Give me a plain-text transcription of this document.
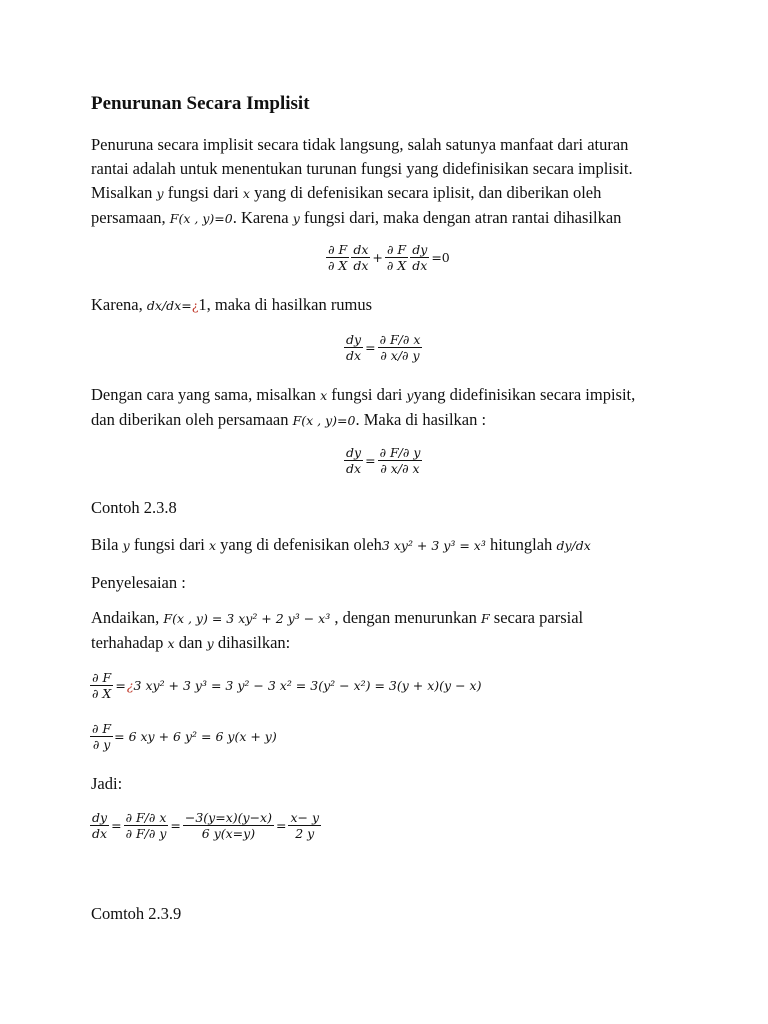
Penurunan Secara Implisit
Penuruna secara implisit secara tidak langsung, salah satunya manfaat dari aturan
rantai adalah untuk menentukan turunan fungsi yang didefinisikan secara implisit.
Misalkan y fungsi dari x yang di defenisikan secara iplisit, dan diberikan oleh
persamaan, F(x , y)=0. Karena y fungsi dari, maka dengan atran rantai dihasilkan
$\frac{\partial F}{\partial X} \frac{dx}{dx} + \frac{\partial F}{\partial X} \frac{dy}{dx} =0$
Karena, dx/dx=¿1, maka di hasilkan rumus
$\frac{dy}{dx} = \frac{\partial F/\partial x}{\partial x/\partial y}$
Dengan cara yang sama, misalkan x fungsi dari yyang didefinisikan secara impisit,
dan diberikan oleh persamaan F(x , y)=0. Maka di hasilkan :
$\frac{dy}{dx} = \frac{\partial F/\partial y}{\partial x/\partial x}$
Contoh 2.3.8
Bila y fungsi dari x yang di defenisikan oleh3 xy² + 3 y³ = x³ hitunglah dy/dx
Penyelesaian :
Andaikan, F(x , y) = 3 xy² + 2 y³ − x³ , dengan menurunkan F secara parsial
terhahadap x dan y dihasilkan:
$\frac{\partial F}{\partial X}$ = ¿ 3 xy² + 3 y³ = 3 y² − 3 x² = 3(y² − x²) = 3(y + x)(y − x)
$\frac{\partial F}{\partial y} = 6$ xy + 6 y² = 6 y(x + y)
Jadi:
$\frac{dy}{dx} = \frac{\partial F/\partial x}{\partial F/\partial y} = \frac{-3(y=x)(y-x)}{6 y(x=y)} = \frac{x- y}{2 y}$
Comtoh 2.3.9
